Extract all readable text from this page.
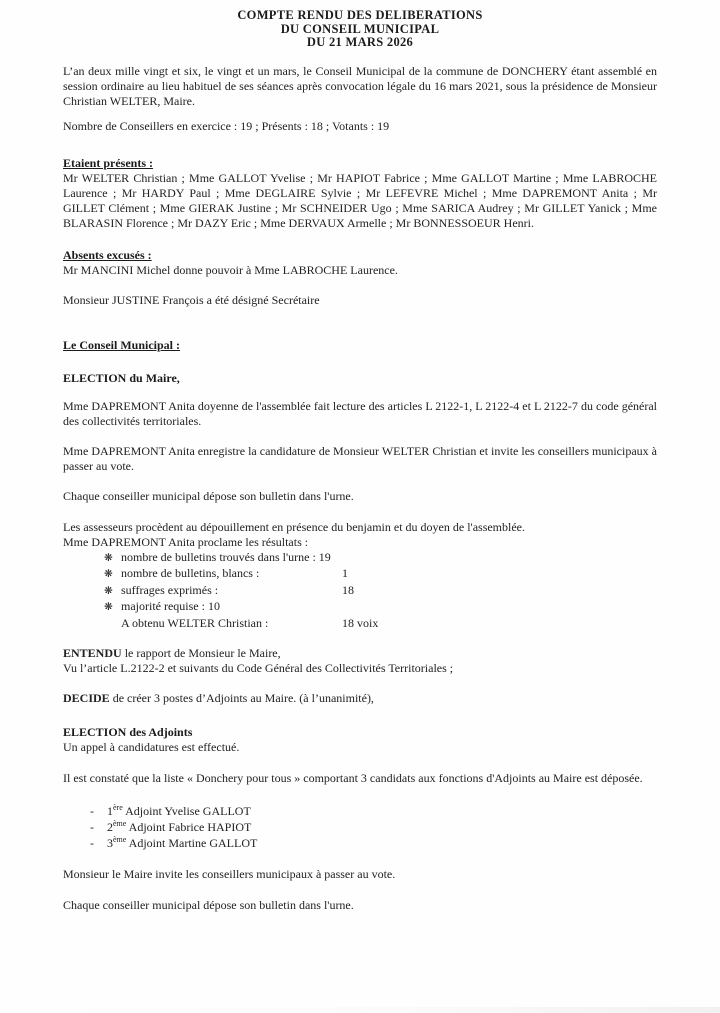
COMPTE RENDU DES DELIBERATIONS
DU CONSEIL MUNICIPAL
DU 21 MARS 2026

L’an deux mille vingt et six, le vingt et un mars, le Conseil Municipal de la commune de DONCHERY étant assemblé en session ordinaire au lieu habituel de ses séances après convocation légale du 16 mars 2021, sous la présidence de Monsieur Christian WELTER, Maire.

Nombre de Conseillers en exercice : 19 ; Présents : 18 ; Votants : 19

Etaient présents :

Mr WELTER Christian ; Mme GALLOT Yvelise ; Mr HAPIOT Fabrice ; Mme GALLOT Martine ; Mme LABROCHE Laurence ; Mr HARDY Paul ; Mme DEGLAIRE Sylvie ; Mr LEFEVRE Michel ; Mme DAPREMONT Anita ; Mr GILLET Clément ; Mme GIERAK Justine ; Mr SCHNEIDER Ugo ; Mme SARICA Audrey ; Mr GILLET Yanick ; Mme BLARASIN Florence ; Mr DAZY Eric ; Mme DERVAUX Armelle ; Mr BONNESSOEUR Henri.

Absents excusés :

Mr MANCINI Michel donne pouvoir à Mme LABROCHE Laurence.

Monsieur JUSTINE François a été désigné Secrétaire

Le Conseil Municipal :
ELECTION du Maire,

Mme DAPREMONT Anita doyenne de l'assemblée fait lecture des articles L 2122-1, L 2122-4 et L 2122-7 du code général des collectivités territoriales.

Mme DAPREMONT Anita enregistre la candidature de Monsieur WELTER Christian et invite les conseillers municipaux à passer au vote.

Chaque conseiller municipal dépose son bulletin dans l'urne.

Les assesseurs procèdent au dépouillement en présence du benjamin et du doyen de l'assemblée.

Mme DAPREMONT Anita proclame les résultats :

❋ nombre de bulletins trouvés dans l'urne : 19
❋ nombre de bulletins, blancs :	1
❋ suffrages exprimés :	18
❋ majorité requise : 10
A obtenu WELTER Christian :	18 voix

ENTENDU le rapport de Monsieur le Maire,

Vu l’article L.2122-2 et suivants du Code Général des Collectivités Territoriales ;

DECIDE de créer 3 postes d’Adjoints au Maire. (à l’unanimité),

ELECTION des Adjoints

Un appel à candidatures est effectué.

Il est constaté que la liste « Donchery pour tous » comportant 3 candidats aux fonctions d'Adjoints au Maire est déposée.

- 1ère Adjoint Yvelise GALLOT
- 2ème Adjoint Fabrice HAPIOT
- 3ème Adjoint Martine GALLOT

Monsieur le Maire invite les conseillers municipaux à passer au vote.

Chaque conseiller municipal dépose son bulletin dans l'urne.
